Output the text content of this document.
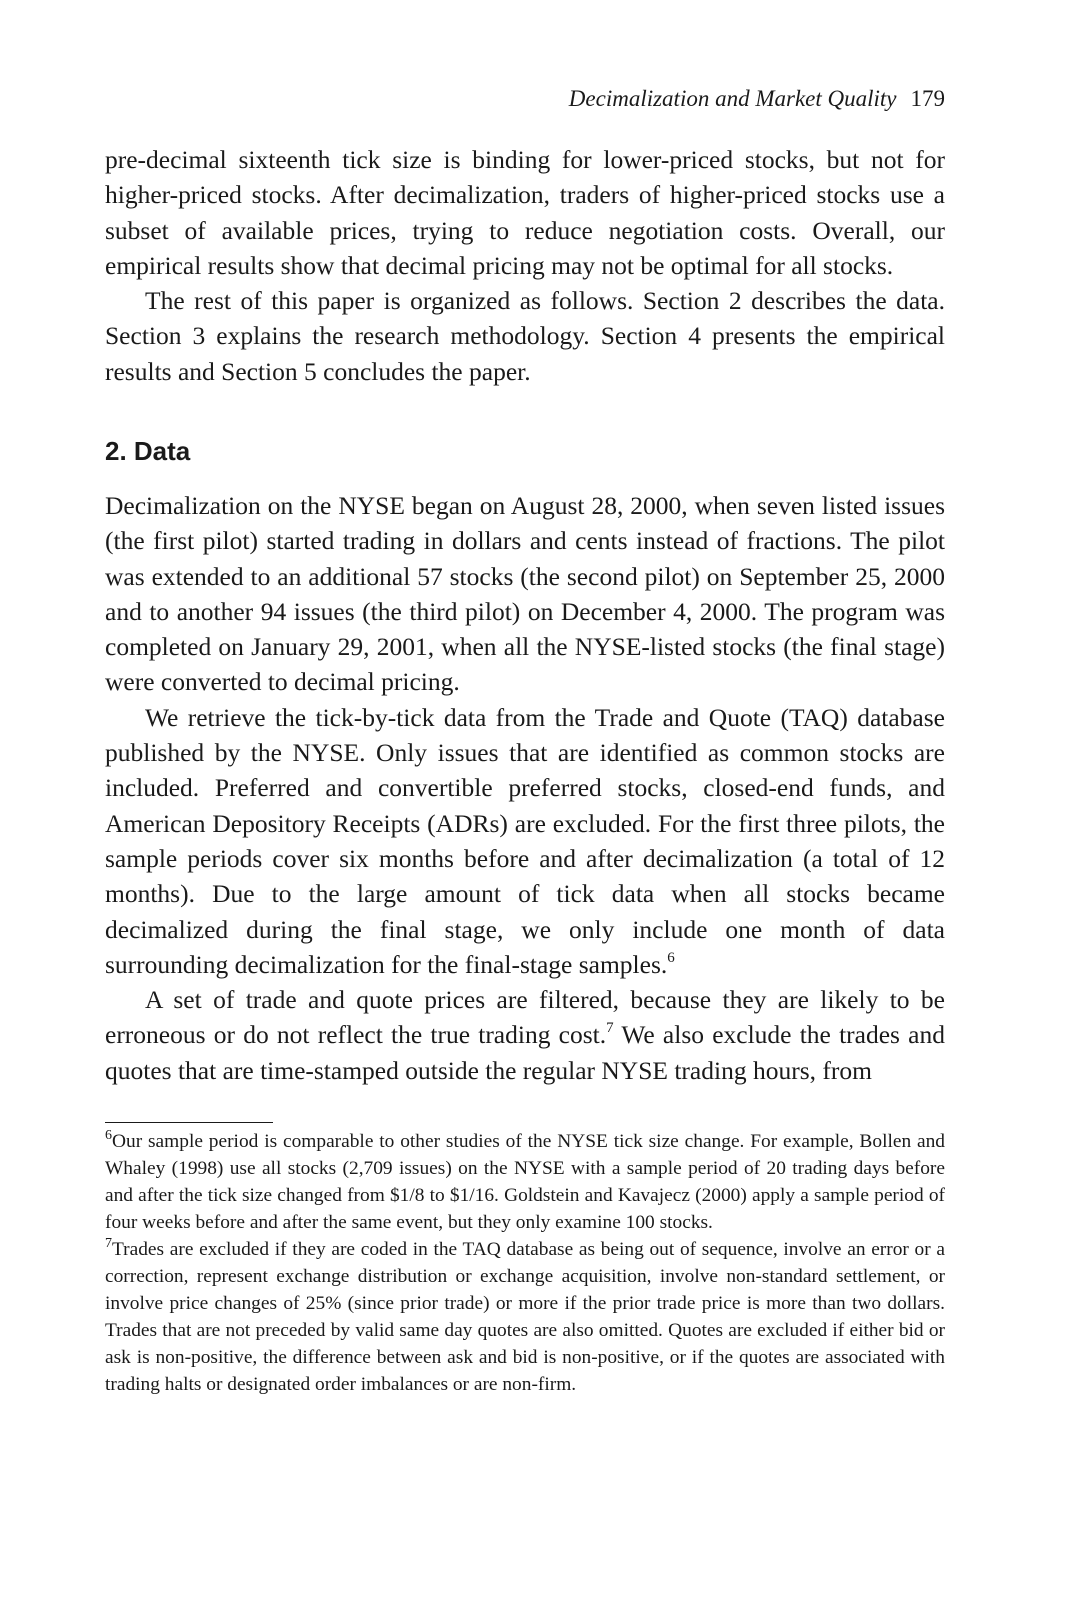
Decimalization and Market Quality 179

pre-decimal sixteenth tick size is binding for lower-priced stocks, but not for higher-priced stocks. After decimalization, traders of higher-priced stocks use a subset of available prices, trying to reduce negotiation costs. Overall, our empirical results show that decimal pricing may not be optimal for all stocks.

The rest of this paper is organized as follows. Section 2 describes the data. Section 3 explains the research methodology. Section 4 presents the empirical results and Section 5 concludes the paper.

2. Data

Decimalization on the NYSE began on August 28, 2000, when seven listed issues (the first pilot) started trading in dollars and cents instead of fractions. The pilot was extended to an additional 57 stocks (the second pilot) on September 25, 2000 and to another 94 issues (the third pilot) on December 4, 2000. The program was completed on January 29, 2001, when all the NYSE-listed stocks (the final stage) were converted to decimal pricing.

We retrieve the tick-by-tick data from the Trade and Quote (TAQ) database published by the NYSE. Only issues that are identified as common stocks are included. Preferred and convertible preferred stocks, closed-end funds, and American Depository Receipts (ADRs) are excluded. For the first three pilots, the sample periods cover six months before and after decimalization (a total of 12 months). Due to the large amount of tick data when all stocks became decimalized during the final stage, we only include one month of data surrounding decimalization for the final-stage samples.$^6$

A set of trade and quote prices are filtered, because they are likely to be erroneous or do not reflect the true trading cost.$^7$ We also exclude the trades and quotes that are time-stamped outside the regular NYSE trading hours, from

$^6$Our sample period is comparable to other studies of the NYSE tick size change. For example, Bollen and Whaley (1998) use all stocks (2,709 issues) on the NYSE with a sample period of 20 trading days before and after the tick size changed from $1/8 to $1/16. Goldstein and Kavajecz (2000) apply a sample period of four weeks before and after the same event, but they only examine 100 stocks.

$^7$Trades are excluded if they are coded in the TAQ database as being out of sequence, involve an error or a correction, represent exchange distribution or exchange acquisition, involve non-standard settlement, or involve price changes of 25% (since prior trade) or more if the prior trade price is more than two dollars. Trades that are not preceded by valid same day quotes are also omitted. Quotes are excluded if either bid or ask is non-positive, the difference between ask and bid is non-positive, or if the quotes are associated with trading halts or designated order imbalances or are non-firm.
